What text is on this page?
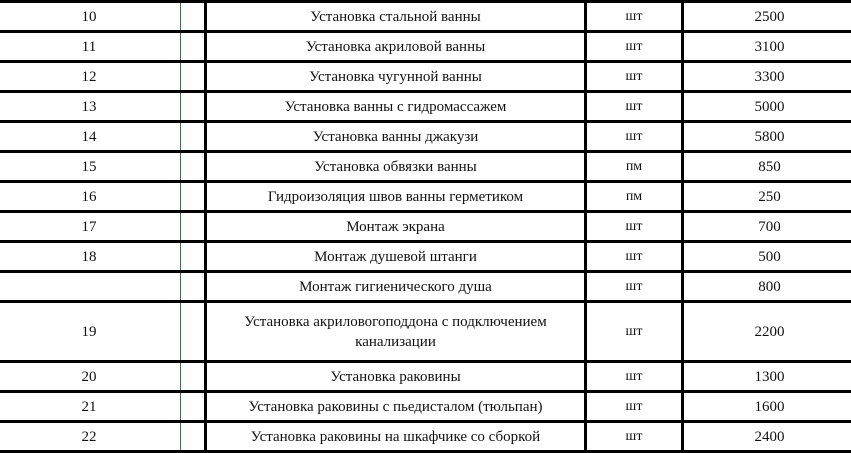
10		Установка стальной ванны	шт	2500
11		Установка акриловой ванны	шт	3100
12		Установка чугунной ванны	шт	3300
13		Установка ванны с гидромассажем	шт	5000
14		Установка ванны джакузи	шт	5800
15		Установка обвязки ванны	пм	850
16		Гидроизоляция швов ванны герметиком	пм	250
17		Монтаж экрана	шт	700
18		Монтаж душевой штанги	шт	500
		Монтаж гигиенического душа	шт	800
19		Установка акриловогоподдона с подключением канализации	шт	2200
20		Установка раковины	шт	1300
21		Установка раковины с пьедисталом (тюльпан)	шт	1600
22		Установка раковины на шкафчике со сборкой	шт	2400
